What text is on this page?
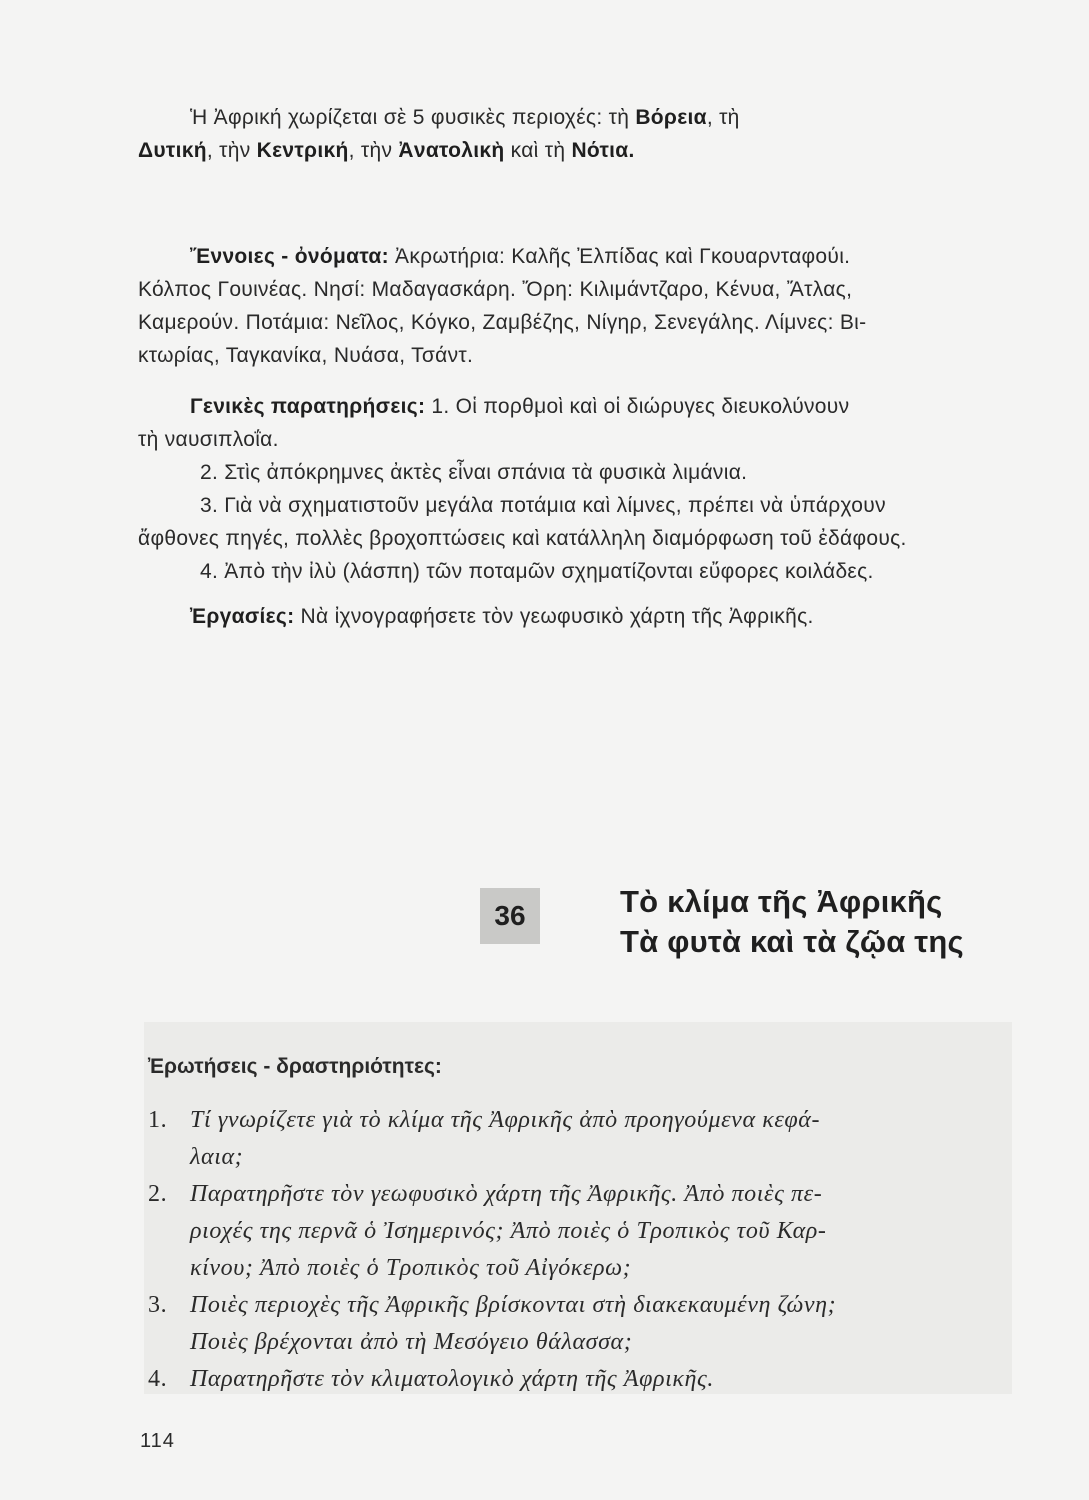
Ἡ Ἀφρική χωρίζεται σὲ 5 φυσικὲς περιοχές: τὴ Βόρεια, τὴ
Δυτική, τὴν Κεντρική, τὴν Ἀνατολικὴ καὶ τὴ Νότια.
Ἔννοιες - ὀνόματα: Ἀκρωτήρια: Καλῆς Ἐλπίδας καὶ Γκουαρνταφούι.
Κόλπος Γουινέας. Νησί: Μαδαγασκάρη. Ὄρη: Κιλιμάντζαρο, Κένυα, Ἄτλας,
Καμερούν. Ποτάμια: Νεῖλος, Κόγκο, Ζαμβέζης, Νίγηρ, Σενεγάλης. Λίμνες: Βι-
κτωρίας, Ταγκανίκα, Νυάσα, Τσάντ.
Γενικὲς παρατηρήσεις: 1. Οἱ πορθμοὶ καὶ οἱ διώρυγες διευκολύνουν
τὴ ναυσιπλοΐα.
2. Στὶς ἀπόκρημνες ἀκτὲς εἶναι σπάνια τὰ φυσικὰ λιμάνια.
3. Γιὰ νὰ σχηματιστοῦν μεγάλα ποτάμια καὶ λίμνες, πρέπει νὰ ὑπάρχουν
ἄφθονες πηγές, πολλὲς βροχοπτώσεις καὶ κατάλληλη διαμόρφωση τοῦ ἐδάφους.
4. Ἀπὸ τὴν ἰλὺ (λάσπη) τῶν ποταμῶν σχηματίζονται εὔφορες κοιλάδες.
Ἐργασίες: Νὰ ἰχνογραφήσετε τὸν γεωφυσικὸ χάρτη τῆς Ἀφρικῆς.
36	Τὸ κλίμα τῆς Ἀφρικῆς
Τὰ φυτὰ καὶ τὰ ζῷα της
Ἐρωτήσεις - δραστηριότητες:
1. Τί γνωρίζετε γιὰ τὸ κλίμα τῆς Ἀφρικῆς ἀπὸ προηγούμενα κεφά-
λαια;
2. Παρατηρῆστε τὸν γεωφυσικὸ χάρτη τῆς Ἀφρικῆς. Ἀπὸ ποιὲς πε-
ριοχές της περνᾶ ὁ Ἰσημερινός; Ἀπὸ ποιὲς ὁ Τροπικὸς τοῦ Καρ-
κίνου; Ἀπὸ ποιὲς ὁ Τροπικὸς τοῦ Αἰγόκερω;
3. Ποιὲς περιοχὲς τῆς Ἀφρικῆς βρίσκονται στὴ διακεκαυμένη ζώνη;
Ποιὲς βρέχονται ἀπὸ τὴ Μεσόγειο θάλασσα;
4. Παρατηρῆστε τὸν κλιματολογικὸ χάρτη τῆς Ἀφρικῆς.
114
